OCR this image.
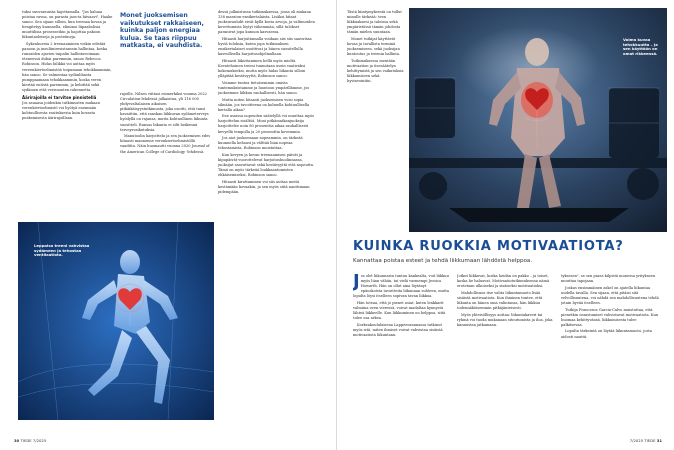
tuksi suuvarauista hajottamalla. "Jos haluaa poistaa ravua, on parasta jaos-ta hiivaavi", Haake sanoo. Sen sijaan silloin, kun treenaa kovaa ja hengitetyy kuunnella, eliminoi liipaabolisia muuttilisia prosesseihin ja hajottaa pakoon liikuntaoleiseja ja proteiineja.

Sykeahuesta 2 treenaaminen voikin edistää panoon ja insuliiniresistanssin hallintaa, koska runsaiden ajavien taipalin hallintavoimaan eteneessä dubai paremmin, sanoo Rebecca Robinson. Hidas hilikkä voi auttaa myös vereenkiertoelimistöä toipumaan tehokkaammin, hän sanoo. Se valmentaa sydänlihasta pumppaamaan tehokkaammin, koska veren kiertää entistä paremmin, ja kehittää sekä sydämen että verisuonten rakennetta.

Äärirajoilla ei tarvitse pinnistellä

Jos asuaasa joidenkin tutkimusten mukaan verenkiertoelimistö voi hyötyä enemmän kohtuullisesta rasituksesta kuin kovasta puskemisesta äärirajoillaan.

Monet juoksemisen vaikutukset rakkaiseen, kuinka paljon energiaa kulua. Se taas riippuu matkasta, ei vauhdista.

rajoille. Nilsen viittasi esimerkiksi vuonna 2022 Circulation-lehdessä julkaistua, yli 116 000 yhdysvaltalaisen aikuisen pitkäikäisyystutkimusta, joka osoitti, että tunsi havaittiin, että ranskan liikkuvan sydämeterveys hyödyllä on rajansa, mutta kohtuullinen liikunta suositteli. Runsas liikunta ei silti heikennä terveysvaikutuksia.

Manutoolin harjoittelu ja sen juoksemisen edes hitaasti mannenne verenkiertoelimistöllä vaadittu. Näin huomautti vuonna 2020 Journal of the American College of Cardiology -lehdessä.

dessä julkaistussa tutkimuksessa, jossa oli mukana 138 maraton-ensikertalaista. Lisäksi hitaat juoksuvauhdit eivät kyllä kovia arvoja, ja valtimoiden kovettumista löytyi vähemmän, sillä tulokset paranivat jopa kunnon kasvaessa.

Hitaasti harjoittamalla voidaan siis siis saavuttaa hyviä tuloksia, kuten jopa tutkimuksen ensikertalaiset osoittivat ja hänen suositellulla kasvullisella harjoitusohjelmallaan.

Hitaasti liikuttaminen hellii myös mieltä. Kovatehoinen treeni tunnutaan usein vaativaksi kokemukseksi, mutta myös hidas liikunta silloin ylläpitää kestävyyttä, Robinson sanoo.

Voimme tuntea tietoisemmin omista tuntemuksistamme ja luontoon ympärillämme, jos juoksemme liikkuu rauhallisesti, hän sanoo.

Mutta miten hitaasti juoksemisen voisi sopia silmään, jos tavoitteena on kolmella kohtuullisella kertalla aikaa?

Itse asiassa nopeuden säätelyllä voi muuttaa myös harjoittelun sisältöä. Moni pitkämatkanjuoksija harjoittelee noin 80 prosenttia aikaa rauhallisesti kevyellä tempolla ja 20 prosenttia kovemmin.

Jos aiot juoksemaan nopeammin, on tärkeää kuunnella kehoasi ja välttää liian nopeaa tehostamista, Robinson muistuttaa.

Kun kevyen ja kovan treenaamisen päivät ja kipupäivät vuorottelevat harjoitushuolinnassa, juoksijat saavuttavat sekä kestävyyttä että nopeutta. Tämä on myös tärkeää loukkaantumisten ehkäisemiseksi, Robinson sanoo.

Hitaasti kiruttaminen voi siis auttaa meitä kestämään kovaakin, ja sen myös siitä nauttimaan pidempään.

Leppoisa treeni vahvistaa sydämeen ja tehostaa ventilaatiota.
30 TIEDE 7/2025

Tästä kiintymyksestä on tullut minulle tärkeää: teen liikkuakseni ja taloissa sekä ympäristössä tämän johdosta tämän mielen suuntaan.

Monet tutkijat käyttävät kovaa ja tavallista terminä juoksemiseen, sekä juoksijan kuntoutus ja treenin hallinta.

Tutkimuksessa mentään motivaation ja itsesäätelyn kehittymistä ja sen vaikutuksia liikkumiseen sekä hyvinvointiin.

Voima kuvaa tehokkuutta – ja sen käyttöön on omat rikkeensä.
KUINKA RUOKKIA MOTIVAATIOTA?
Kannattaa poistaa esteet ja tehdä liikkumaan lähdöstä helppoa.
J os olet liikunnasta tuntuu kankealta, voit liikkuu myös liian vähän, tai vielä varmempi Jessica Howarth. Hän on ollut aina löytänyt epäuskoista tavoitteita liikunnan suhteen, mutta lopulta löysi itselleen sopivan tavan liikkua.

Hän toteaa, että jo pienet asiat, kuten lenkkarit valmiina oven vieressä, voivat madaltaa kynnystä lähteä liikkeelle. Kun liikkuminen on helppoa, siitä tulee osa arkea.

Korkeakoululaisena Lappeenrannassa tutkinut myös sitä, miten ihmiset voivat vahvistaa sisäistä motivaatiota liikuntaan.

Jotkut liikkuvat, koska heidän on pakko – ja toiset, koska he haluavat. Motivaatiotutkimuksessa nämä erotetaan ulkoiseksi ja sisäiseksi motivaatioksi.

Mahdollisuus itse valita liikuntamuoto lisää sisäistä motivaatiota. Kun ihminen tuntee, että liikunta on hänen oma valintansa, hän liikkuu todennäköisemmin pitkäjänteisesti.

Myös yhteisöllisyys auttaa: liikuntakaveri tai ryhmä voi tuoda mukanaan sitoutumista ja iloa, joka kannustaa jatkamaan.

tyksesen", se sen paras kilpistä monessa yritykseen muuttaa tapojaan.

Joskus ensimmäinen askel on ajatella liikuntaa uudella tavalla. Sen sijaan, että pitäisi sitä velvollisuutena, voi nähdä sen mahdollisuutena tehdä jotain hyvää itselleen.

Tutkija Francesca Garcia-Calvo muistuttaa, että pienetkin onnistumiset vahvistavat motivaatiota. Kun huomaa kehittyvänsä, liikkumisesta tulee palkitsevaa.

Lopulta tärkeintä on löytää liikuntamuoto, josta aidosti nauttii.

7/2025 TIEDE 31
